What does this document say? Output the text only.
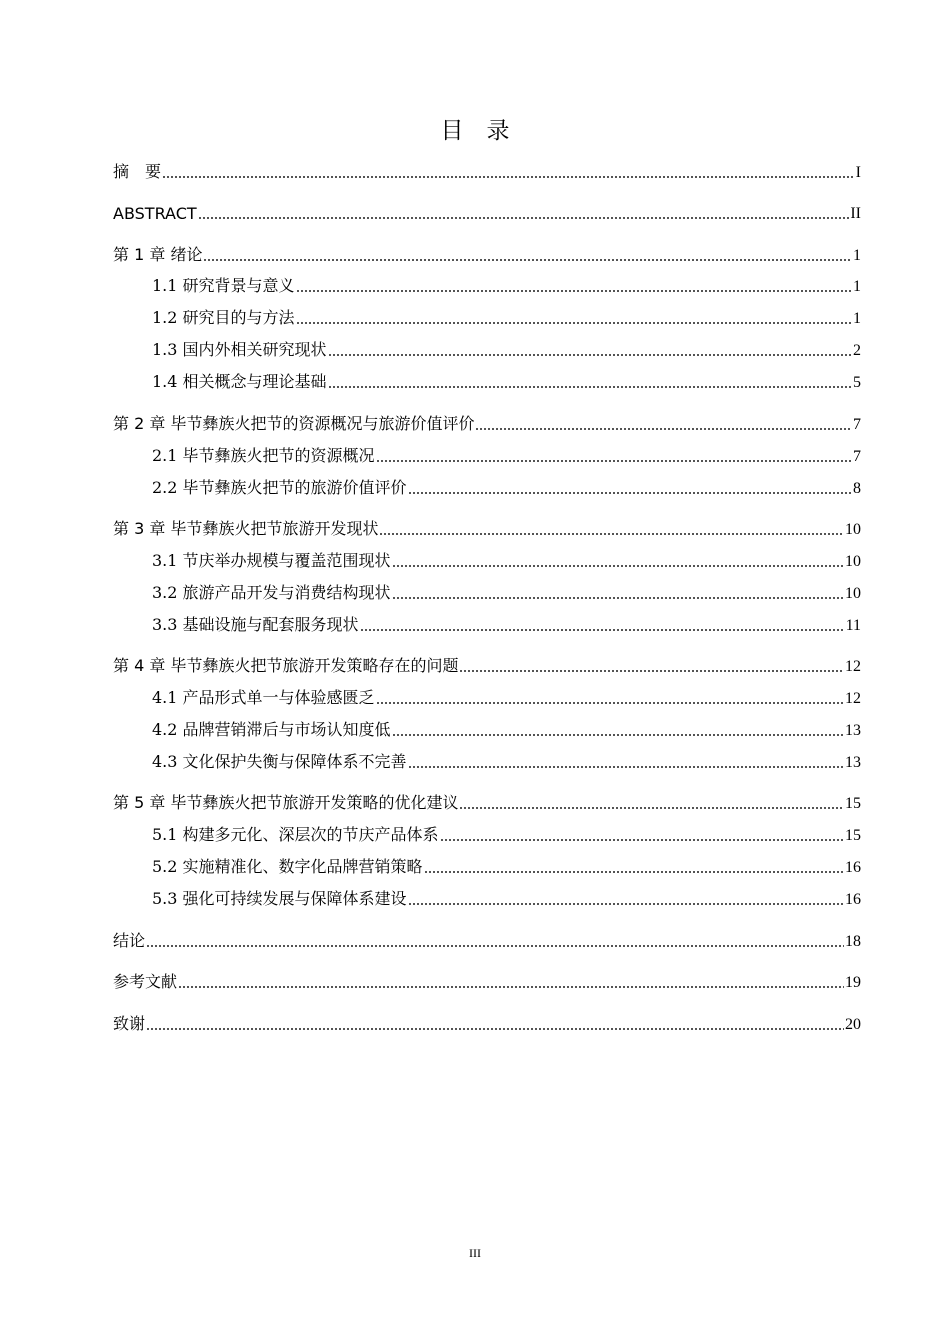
目　录
摘　要	I
ABSTRACT	II
第 1 章 绪论	1
1.1 研究背景与意义	1
1.2 研究目的与方法	1
1.3 国内外相关研究现状	2
1.4 相关概念与理论基础	5
第 2 章 毕节彝族火把节的资源概况与旅游价值评价	7
2.1 毕节彝族火把节的资源概况	7
2.2 毕节彝族火把节的旅游价值评价	8
第 3 章 毕节彝族火把节旅游开发现状	10
3.1 节庆举办规模与覆盖范围现状	10
3.2 旅游产品开发与消费结构现状	10
3.3 基础设施与配套服务现状	11
第 4 章 毕节彝族火把节旅游开发策略存在的问题	12
4.1 产品形式单一与体验感匮乏	12
4.2 品牌营销滞后与市场认知度低	13
4.3 文化保护失衡与保障体系不完善	13
第 5 章 毕节彝族火把节旅游开发策略的优化建议	15
5.1 构建多元化、深层次的节庆产品体系	15
5.2 实施精准化、数字化品牌营销策略	16
5.3 强化可持续发展与保障体系建设	16
结论	18
参考文献	19
致谢	20
III
